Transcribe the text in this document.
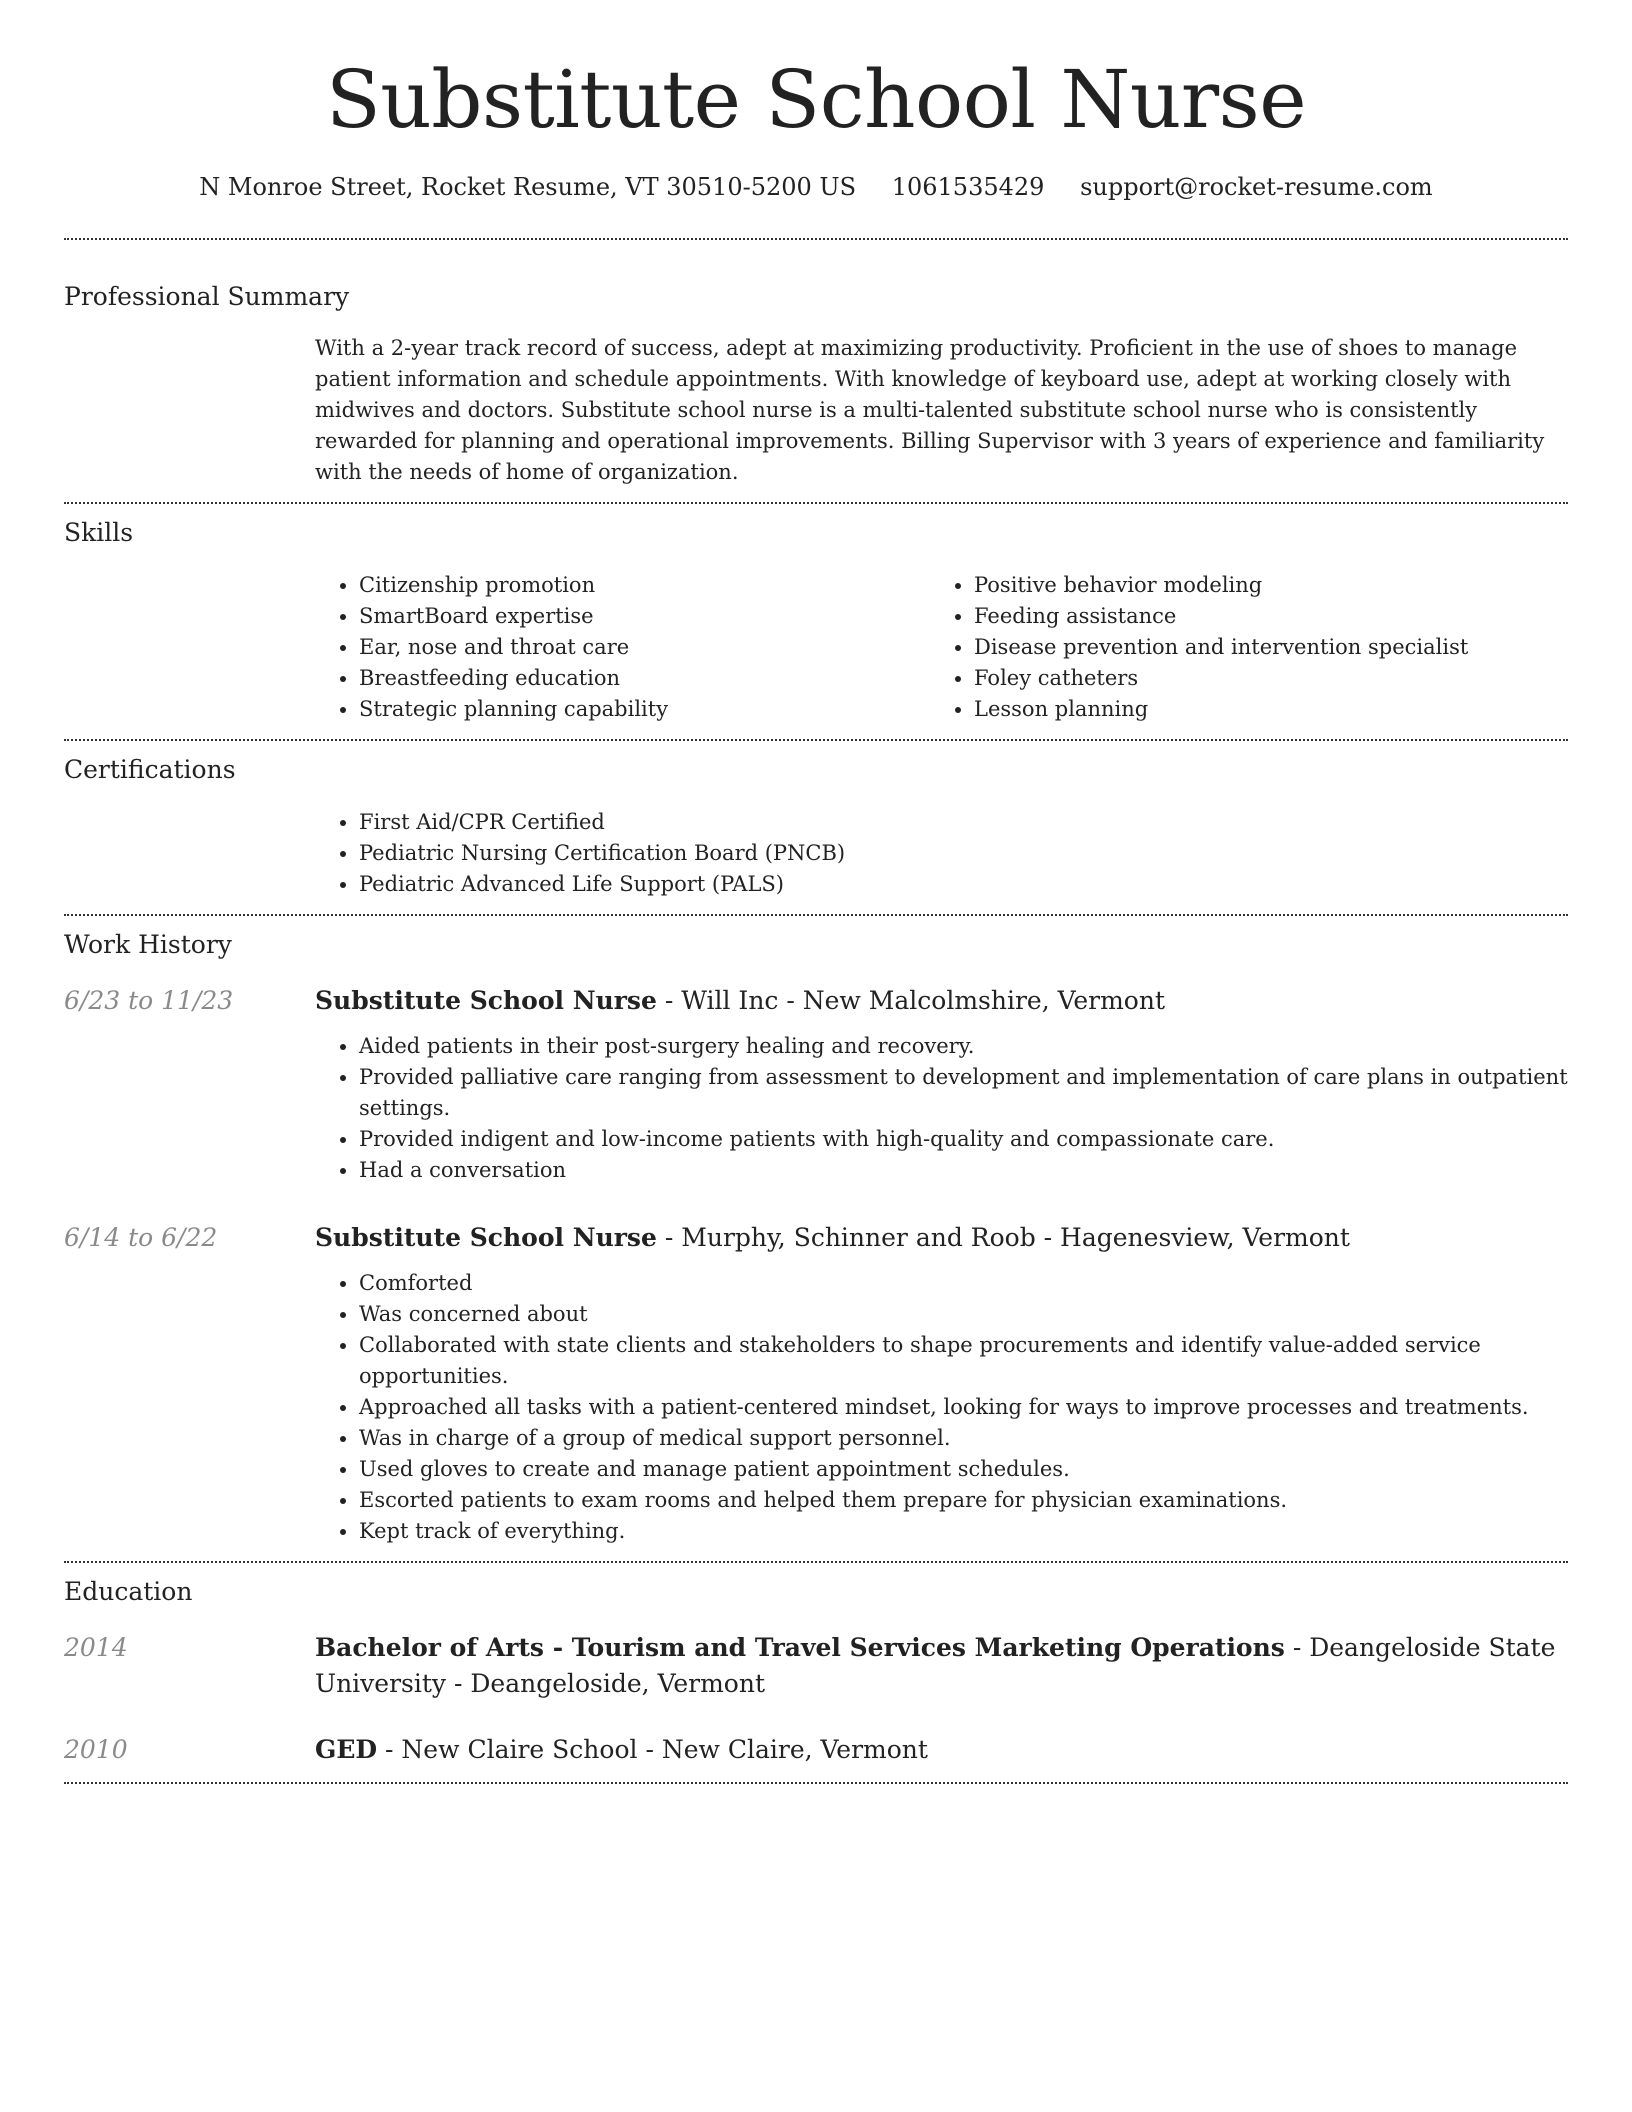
Substitute School Nurse
N Monroe Street, Rocket Resume, VT 30510-5200 US 1061535429 support@rocket-resume.com
Professional Summary

With a 2-year track record of success, adept at maximizing productivity. Proficient in the use of shoes to manage patient information and schedule appointments. With knowledge of keyboard use, adept at working closely with midwives and doctors. Substitute school nurse is a multi-talented substitute school nurse who is consistently rewarded for planning and operational improvements. Billing Supervisor with 3 years of experience and familiarity with the needs of home of organization.

Skills
• Citizenship promotion
• SmartBoard expertise
• Ear, nose and throat care
• Breastfeeding education
• Strategic planning capability
• Positive behavior modeling
• Feeding assistance
• Disease prevention and intervention specialist
• Foley catheters
• Lesson planning
Certifications
• First Aid/CPR Certified
• Pediatric Nursing Certification Board (PNCB)
• Pediatric Advanced Life Support (PALS)
Work History
6/23 to 11/23	Substitute School Nurse - Will Inc - New Malcolmshire, Vermont
• Aided patients in their post-surgery healing and recovery.
• Provided palliative care ranging from assessment to development and implementation of care plans in outpatient settings.
• Provided indigent and low-income patients with high-quality and compassionate care.
• Had a conversation
6/14 to 6/22	Substitute School Nurse - Murphy, Schinner and Roob - Hagenesview, Vermont
• Comforted
• Was concerned about
• Collaborated with state clients and stakeholders to shape procurements and identify value-added service opportunities.
• Approached all tasks with a patient-centered mindset, looking for ways to improve processes and treatments.
• Was in charge of a group of medical support personnel.
• Used gloves to create and manage patient appointment schedules.
• Escorted patients to exam rooms and helped them prepare for physician examinations.
• Kept track of everything.
Education
2014	Bachelor of Arts - Tourism and Travel Services Marketing Operations - Deangeloside State University - Deangeloside, Vermont
2010	GED - New Claire School - New Claire, Vermont
